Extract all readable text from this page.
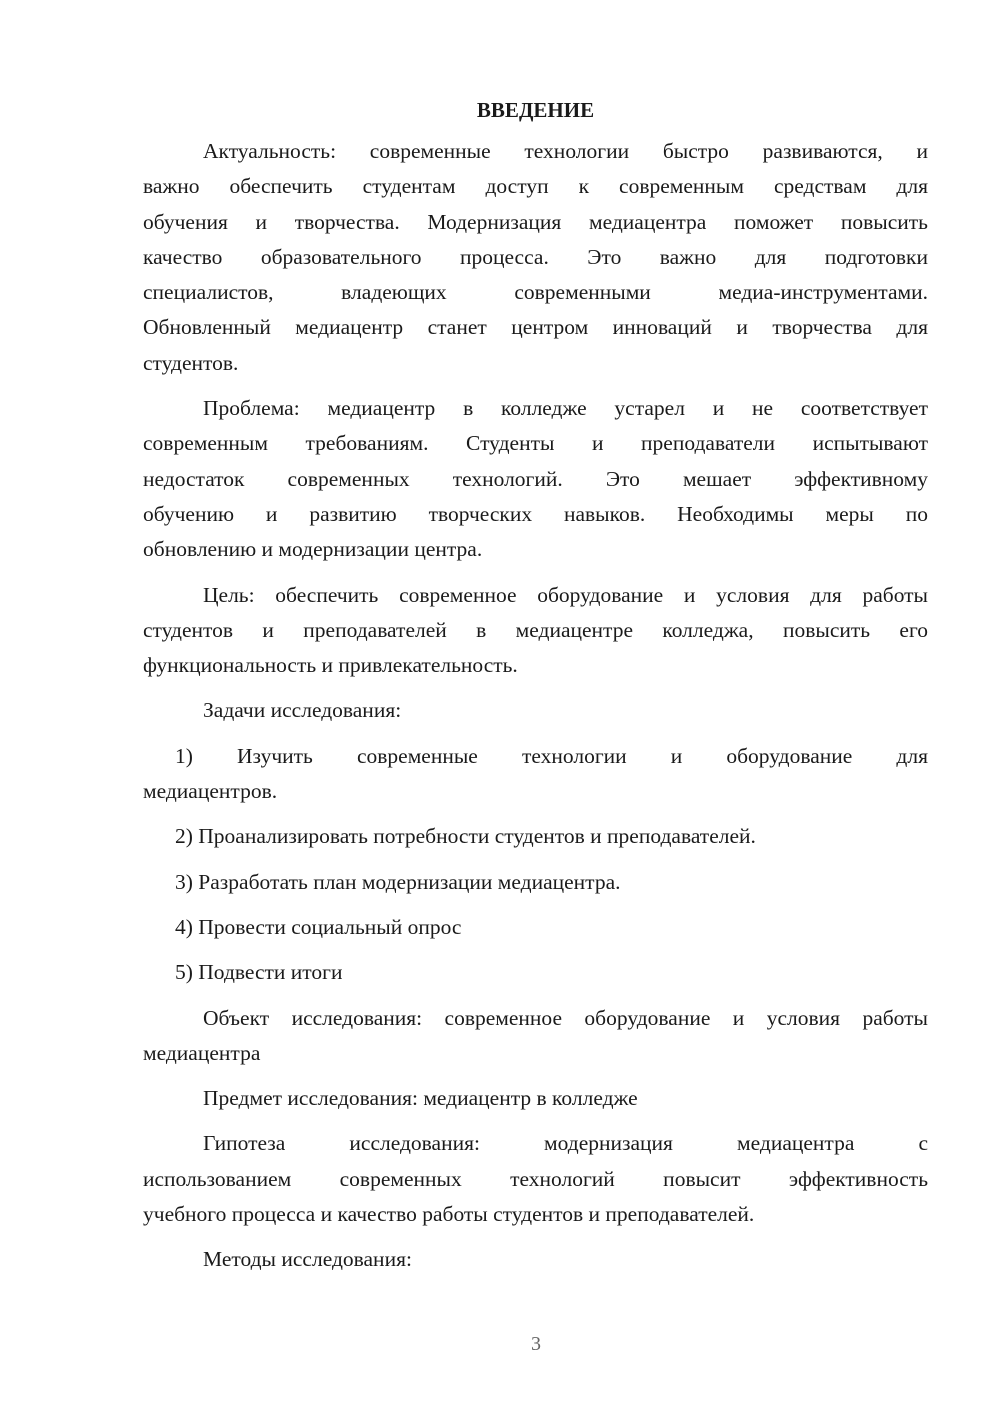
ВВЕДЕНИЕ
Актуальность: современные технологии быстро развиваются, и
важно обеспечить студентам доступ к современным средствам для
обучения и творчества. Модернизация медиацентра поможет повысить
качество образовательного процесса. Это важно для подготовки
специалистов, владеющих современными медиа-инструментами.
Обновленный медиацентр станет центром инноваций и творчества для
студентов.
Проблема: медиацентр в колледже устарел и не соответствует
современным требованиям. Студенты и преподаватели испытывают
недостаток современных технологий. Это мешает эффективному
обучению и развитию творческих навыков. Необходимы меры по
обновлению и модернизации центра.
Цель: обеспечить современное оборудование и условия для работы
студентов и преподавателей в медиацентре колледжа, повысить его
функциональность и привлекательность.
Задачи исследования:
1) Изучить современные технологии и оборудование для
медиацентров.
2) Проанализировать потребности студентов и преподавателей.
3) Разработать план модернизации медиацентра.
4) Провести социальный опрос
5) Подвести итоги
Объект исследования: современное оборудование и условия работы
медиацентра
Предмет исследования: медиацентр в колледже
Гипотеза исследования: модернизация медиацентра с
использованием современных технологий повысит эффективность
учебного процесса и качество работы студентов и преподавателей.
Методы исследования:
3
